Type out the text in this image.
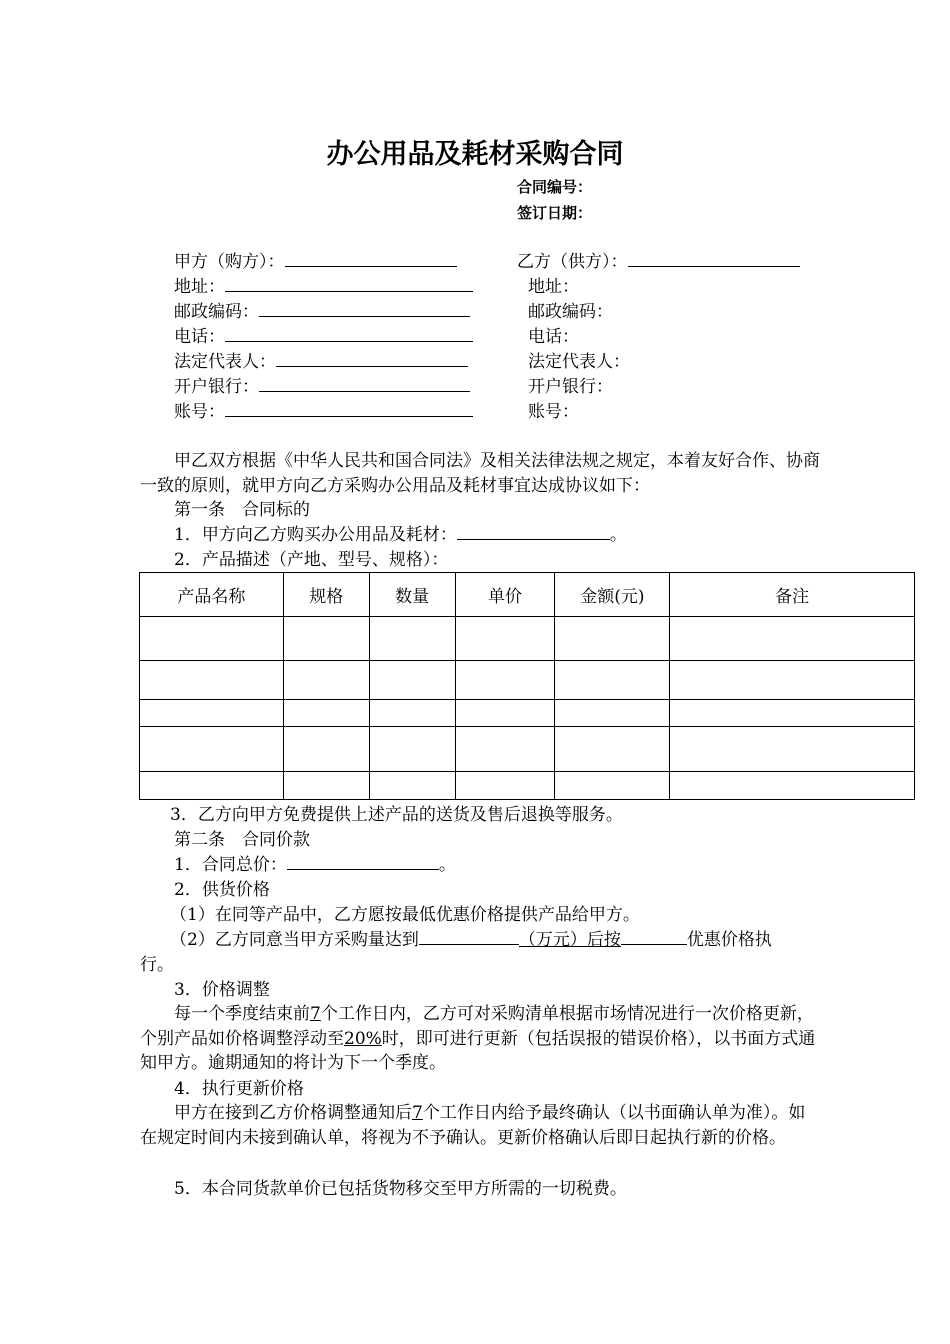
办公用品及耗材采购合同
合同编号：
签订日期：
甲方（购方）：
地址：
邮政编码：
电话：
法定代表人：
开户银行：
账号：
乙方（供方）：
地址：
邮政编码：
电话：
法定代表人：
开户银行：
账号：

甲乙双方根据《中华人民共和国合同法》及相关法律法规之规定，本着友好合作、协商一致的原则，就甲方向乙方采购办公用品及耗材事宜达成协议如下：

第一条　合同标的
1．甲方向乙方购买办公用品及耗材：	。
2．产品描述（产地、型号、规格）：
产品名称	规格	数量	单价	金额(元)	备注

3．乙方向甲方免费提供上述产品的送货及售后退换等服务。
第二条　合同价款
1．合同总价：	。
2．供货价格
（1）在同等产品中，乙方愿按最低优惠价格提供产品给甲方。
（2）乙方同意当甲方采购量达到	（万元）后按	优惠价格执
行。
3．价格调整

每一个季度结束前7个工作日内，乙方可对采购清单根据市场情况进行一次价格更新，个别产品如价格调整浮动至20%时，即可进行更新（包括误报的错误价格），以书面方式通知甲方。逾期通知的将计为下一个季度。

4．执行更新价格

甲方在接到乙方价格调整通知后7个工作日内给予最终确认（以书面确认单为准）。如在规定时间内未接到确认单，将视为不予确认。更新价格确认后即日起执行新的价格。

5．本合同货款单价已包括货物移交至甲方所需的一切税费。
